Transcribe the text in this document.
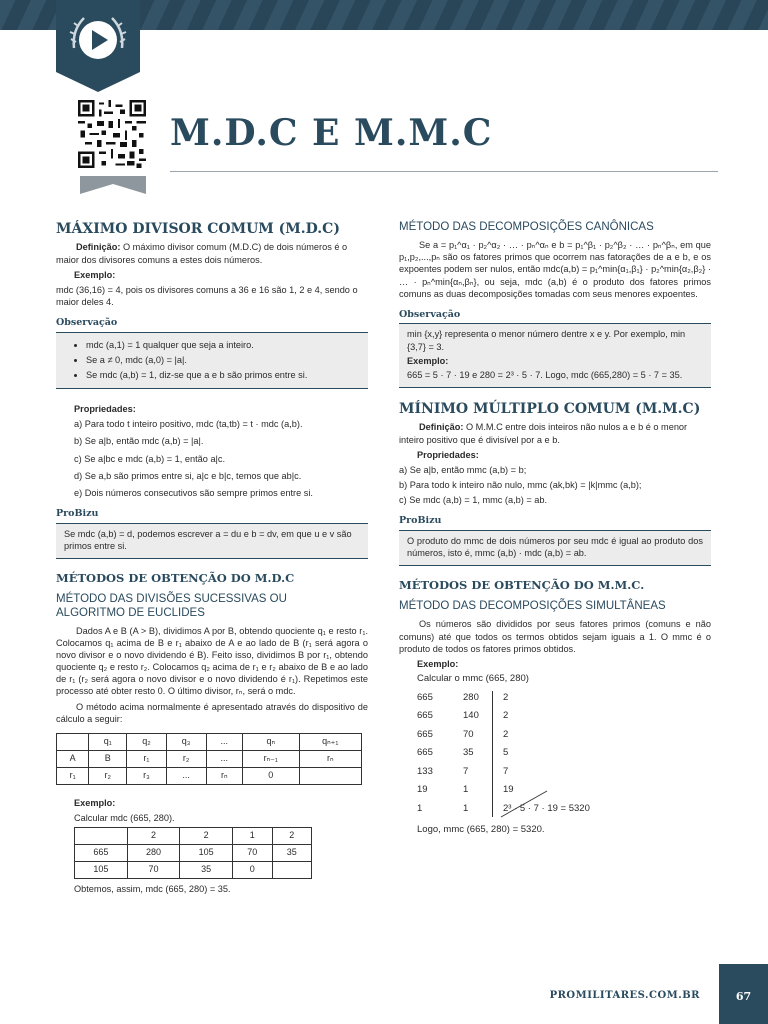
M.D.C E M.M.C
MÁXIMO DIVISOR COMUM (M.D.C)

Definição: O máximo divisor comum (M.D.C) de dois números é o maior dos divisores comuns a estes dois números.

Exemplo:

mdc (36,16) = 4, pois os divisores comuns a 36 e 16 são 1, 2 e 4, sendo o maior deles 4.

Observação
• mdc (a,1) = 1 qualquer que seja a inteiro.
• Se a ≠ 0, mdc (a,0) = |a|.
• Se mdc (a,b) = 1, diz-se que a e b são primos entre si.

Propriedades:

a) Para todo t inteiro positivo, mdc (ta,tb) = t · mdc (a,b).

b) Se a|b, então mdc (a,b) = |a|.

c) Se a|bc e mdc (a,b) = 1, então a|c.

d) Se a,b são primos entre si, a|c e b|c, temos que ab|c.

e) Dois números consecutivos são sempre primos entre si.

ProBizu

Se mdc (a,b) = d, podemos escrever a = du e b = dv, em que u e v são primos entre si.

MÉTODOS DE OBTENÇÃO DO M.D.C
MÉTODO DAS DIVISÕES SUCESSIVAS OU
ALGORITMO DE EUCLIDES

Dados A e B (A > B), dividimos A por B, obtendo quociente q₁ e resto r₁. Colocamos q₁ acima de B e r₁ abaixo de A e ao lado de B (r₁ será agora o novo divisor e o novo dividendo é B). Feito isso, dividimos B por r₁, obtendo quociente q₂ e resto r₂. Colocamos q₂ acima de r₁ e r₂ abaixo de B e ao lado de r₁ (r₂ será agora o novo divisor e o novo dividendo é r₁). Repetimos este processo até obter resto 0. O último divisor, rₙ, será o mdc.

O método acima normalmente é apresentado através do dispositivo de cálculo a seguir:

	q₁	q₂	q₃	...	qₙ	qₙ₊₁
A	B	r₁	r₂	...	rₙ₋₁	rₙ
r₁	r₂	r₃	...	rₙ	0	

Exemplo:

Calcular mdc (665, 280).

	2	2	1	2
665	280	105	70	35
105	70	35	0	

Obtemos, assim, mdc (665, 280) = 35.

MÉTODO DAS DECOMPOSIÇÕES CANÔNICAS

Se a = p₁^α₁ · p₂^α₂ · … · pₙ^αₙ e b = p₁^β₁ · p₂^β₂ · … · pₙ^βₙ, em que p₁,p₂,...,pₙ são os fatores primos que ocorrem nas fatorações de a e b, e os expoentes podem ser nulos, então mdc(a,b) = p₁^min{α₁,β₁} · p₂^min{α₂,β₂} · … · pₙ^min{αₙ,βₙ}, ou seja, mdc (a,b) é o produto dos fatores primos comuns as duas decomposições tomadas com seus menores expoentes.

Observação

min {x,y} representa o menor número dentre x e y. Por exemplo, min {3,7} = 3.

Exemplo:

665 = 5 · 7 · 19 e 280 = 2³ · 5 · 7. Logo, mdc (665,280) = 5 · 7 = 35.

MÍNIMO MÚLTIPLO COMUM (M.M.C)

Definição: O M.M.C entre dois inteiros não nulos a e b é o menor inteiro positivo que é divisível por a e b.

Propriedades:

a) Se a|b, então mmc (a,b) = b;

b) Para todo k inteiro não nulo, mmc (ak,bk) = |k|mmc (a,b);

c) Se mdc (a,b) = 1, mmc (a,b) = ab.

ProBizu

O produto do mmc de dois números por seu mdc é igual ao produto dos números, isto é, mmc (a,b) · mdc (a,b) = ab.

MÉTODOS DE OBTENÇÃO DO M.M.C.
MÉTODO DAS DECOMPOSIÇÕES SIMULTÂNEAS

Os números são divididos por seus fatores primos (comuns e não comuns) até que todos os termos obtidos sejam iguais a 1. O mmc é o produto de todos os fatores primos obtidos.

Exemplo:

Calcular o mmc (665, 280)

665	280	2
665	140	2
665	70	2
665	35	5
133	7	7
19	1	19
1	1	2³ · 5 · 7 · 19 = 5320

Logo, mmc (665, 280) = 5320.

PROMILITARES.COM.BR	67
